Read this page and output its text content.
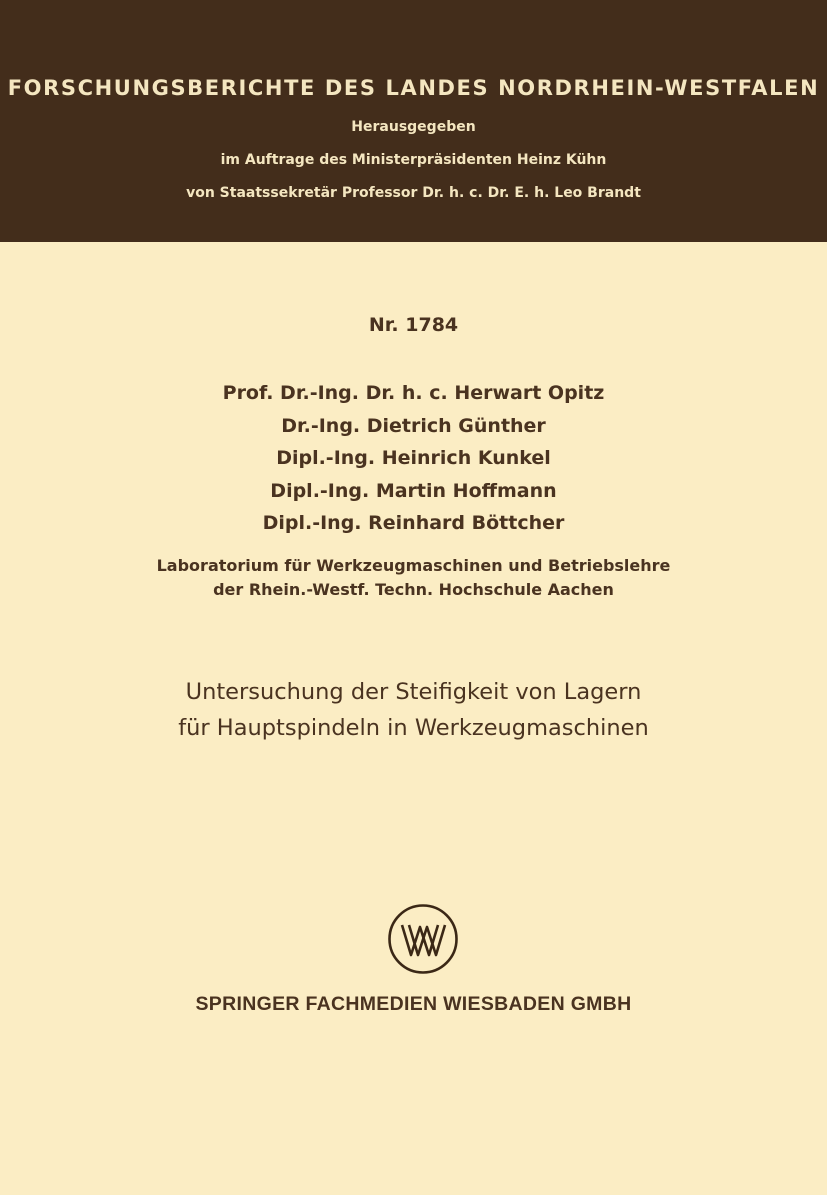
FORSCHUNGSBERICHTE DES LANDES NORDRHEIN-WESTFALEN
Herausgegeben
im Auftrage des Ministerpräsidenten Heinz Kühn
von Staatssekretär Professor Dr. h. c. Dr. E. h. Leo Brandt
Nr. 1784
Prof. Dr.-Ing. Dr. h. c. Herwart Opitz
Dr.-Ing. Dietrich Günther
Dipl.-Ing. Heinrich Kunkel
Dipl.-Ing. Martin Hoffmann
Dipl.-Ing. Reinhard Böttcher
Laboratorium für Werkzeugmaschinen und Betriebslehre
der Rhein.-Westf. Techn. Hochschule Aachen
Untersuchung der Steifigkeit von Lagern
für Hauptspindeln in Werkzeugmaschinen
SPRINGER FACHMEDIEN WIESBADEN GMBH
